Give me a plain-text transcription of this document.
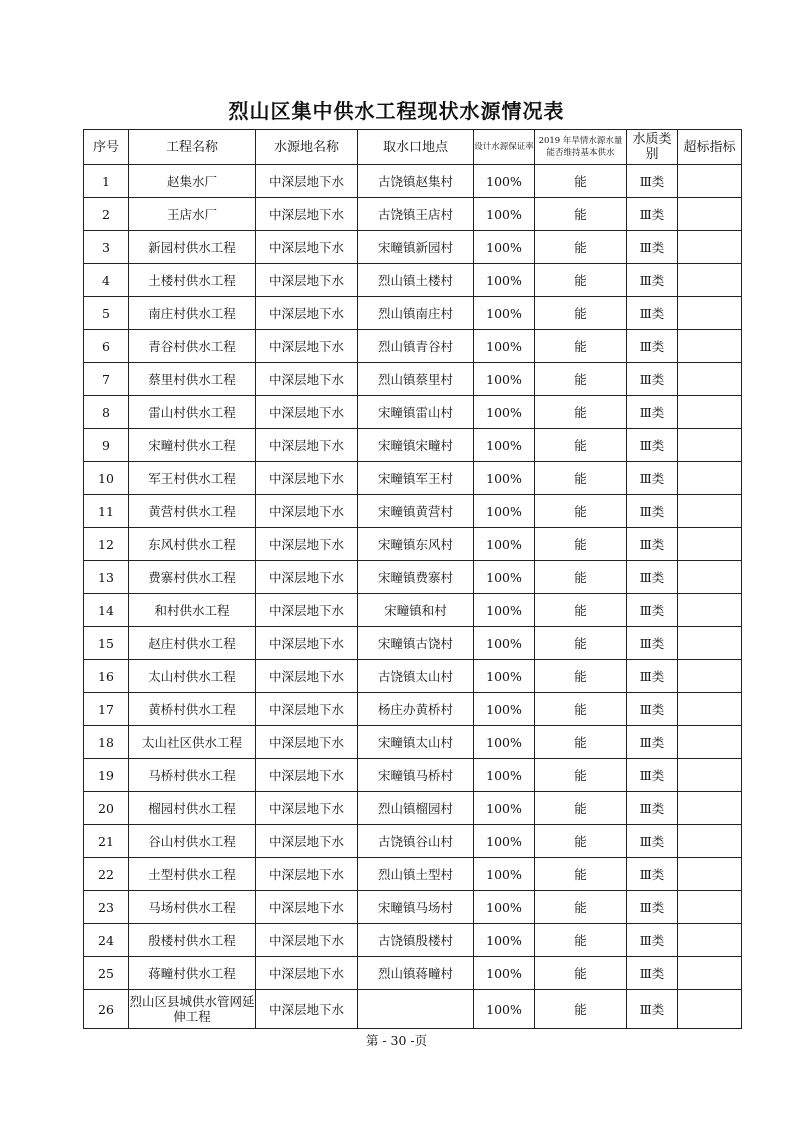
烈山区集中供水工程现状水源情况表
序号	工程名称	水源地名称	取水口地点	设计水源保证率	2019 年旱情水源水量能否维持基本供水	水质类别	超标指标
1	赵集水厂	中深层地下水	古饶镇赵集村	100%	能	Ⅲ类	
2	王店水厂	中深层地下水	古饶镇王店村	100%	能	Ⅲ类	
3	新园村供水工程	中深层地下水	宋疃镇新园村	100%	能	Ⅲ类	
4	土楼村供水工程	中深层地下水	烈山镇土楼村	100%	能	Ⅲ类	
5	南庄村供水工程	中深层地下水	烈山镇南庄村	100%	能	Ⅲ类	
6	青谷村供水工程	中深层地下水	烈山镇青谷村	100%	能	Ⅲ类	
7	蔡里村供水工程	中深层地下水	烈山镇蔡里村	100%	能	Ⅲ类	
8	雷山村供水工程	中深层地下水	宋疃镇雷山村	100%	能	Ⅲ类	
9	宋疃村供水工程	中深层地下水	宋疃镇宋疃村	100%	能	Ⅲ类	
10	军王村供水工程	中深层地下水	宋疃镇军王村	100%	能	Ⅲ类	
11	黄营村供水工程	中深层地下水	宋疃镇黄营村	100%	能	Ⅲ类	
12	东风村供水工程	中深层地下水	宋疃镇东风村	100%	能	Ⅲ类	
13	费寨村供水工程	中深层地下水	宋疃镇费寨村	100%	能	Ⅲ类	
14	和村供水工程	中深层地下水	宋疃镇和村	100%	能	Ⅲ类	
15	赵庄村供水工程	中深层地下水	宋疃镇古饶村	100%	能	Ⅲ类	
16	太山村供水工程	中深层地下水	古饶镇太山村	100%	能	Ⅲ类	
17	黄桥村供水工程	中深层地下水	杨庄办黄桥村	100%	能	Ⅲ类	
18	太山社区供水工程	中深层地下水	宋疃镇太山村	100%	能	Ⅲ类	
19	马桥村供水工程	中深层地下水	宋疃镇马桥村	100%	能	Ⅲ类	
20	榴园村供水工程	中深层地下水	烈山镇榴园村	100%	能	Ⅲ类	
21	谷山村供水工程	中深层地下水	古饶镇谷山村	100%	能	Ⅲ类	
22	土型村供水工程	中深层地下水	烈山镇土型村	100%	能	Ⅲ类	
23	马场村供水工程	中深层地下水	宋疃镇马场村	100%	能	Ⅲ类	
24	殷楼村供水工程	中深层地下水	古饶镇殷楼村	100%	能	Ⅲ类	
25	蒋疃村供水工程	中深层地下水	烈山镇蒋疃村	100%	能	Ⅲ类	
26	烈山区县城供水管网延伸工程	中深层地下水		100%	能	Ⅲ类	
第 - 30 -页
